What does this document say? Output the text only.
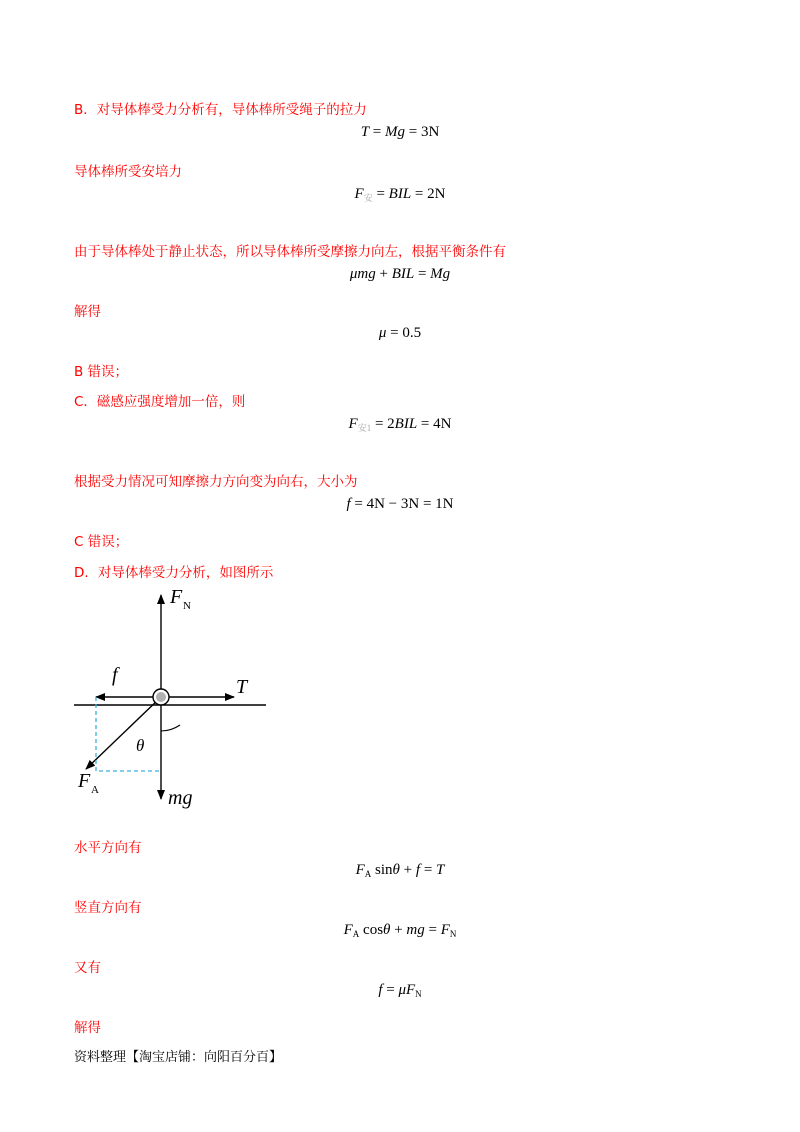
B．对导体棒受力分析有，导体棒所受绳子的拉力
T = Mg = 3N
导体棒所受安培力
$F_安$ = BIL = 2N
由于导体棒处于静止状态，所以导体棒所受摩擦力向左，根据平衡条件有
μmg + BIL = Mg
解得
μ = 0.5
B 错误；
C．磁感应强度增加一倍，则
$F_{安1} = 2BIL = 4N$
根据受力情况可知摩擦力方向变为向右，大小为
f = 4N − 3N = 1N
C 错误；
D．对导体棒受力分析，如图所示
F N
f
T
θ
F A	mg
水平方向有
$F_A$ sinθ + f = T
竖直方向有
$F_A$ cosθ + mg = $F_N$
又有
$f = \mu F_N$
解得
资料整理【淘宝店铺：向阳百分百】
